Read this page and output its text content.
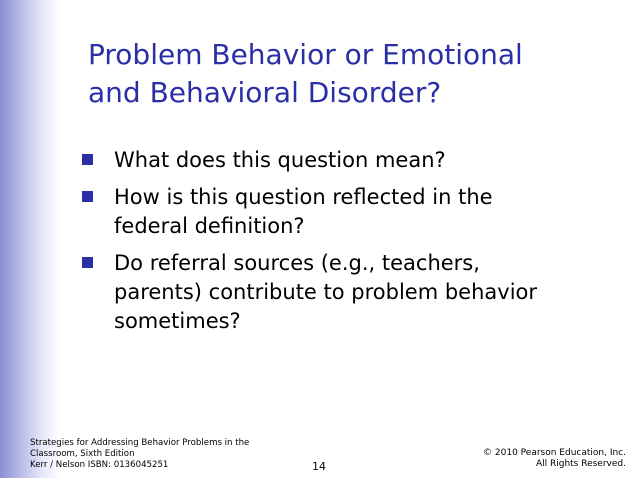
Problem Behavior or Emotional
and Behavioral Disorder?
What does this question mean?
How is this question reflected in the
federal definition?
Do referral sources (e.g., teachers,
parents) contribute to problem behavior
sometimes?
Strategies for Addressing Behavior Problems in the
Classroom, Sixth Edition
Kerr / Nelson ISBN: 0136045251	14
© 2010 Pearson Education, Inc.
All Rights Reserved.
